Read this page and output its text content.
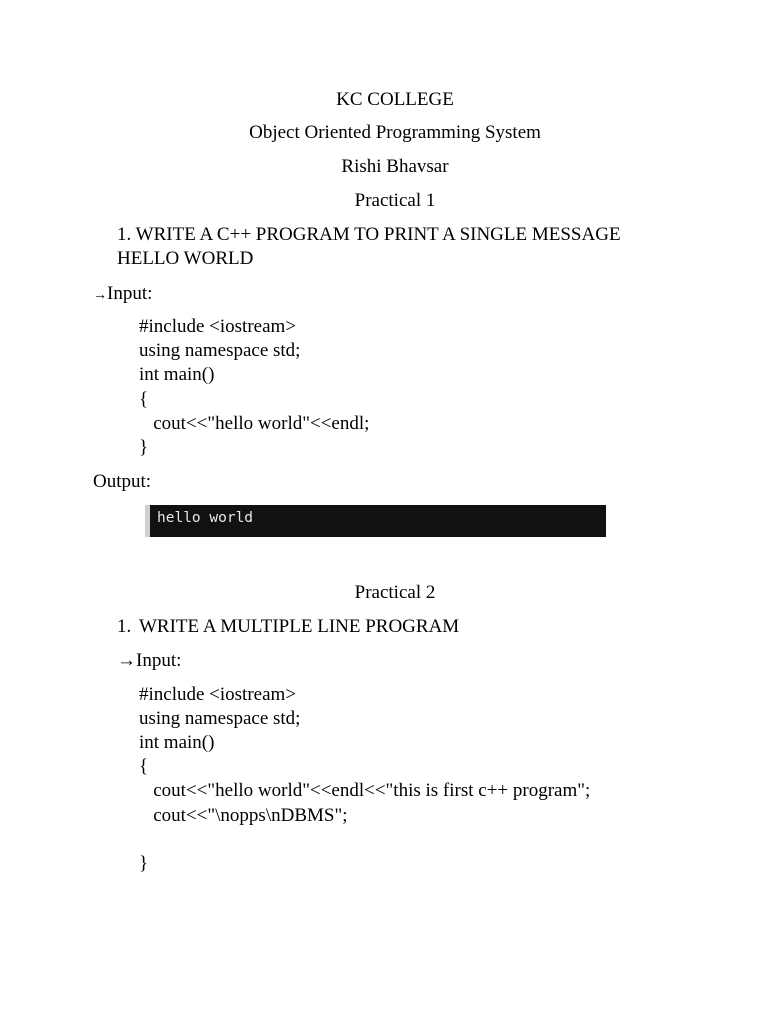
KC COLLEGE
Object Oriented Programming System
Rishi Bhavsar
Practical 1
1. WRITE A C++ PROGRAM TO PRINT A SINGLE MESSAGE
HELLO WORLD
→Input:
#include <iostream>
using namespace std;
int main()
{
cout<<"hello world"<<endl;
}
Output:
hello world
Practical 2
1. WRITE A MULTIPLE LINE PROGRAM
→Input:
#include <iostream>
using namespace std;
int main()
{
cout<<"hello world"<<endl<<"this is first c++ program";
cout<<"\nopps\nDBMS";
}
